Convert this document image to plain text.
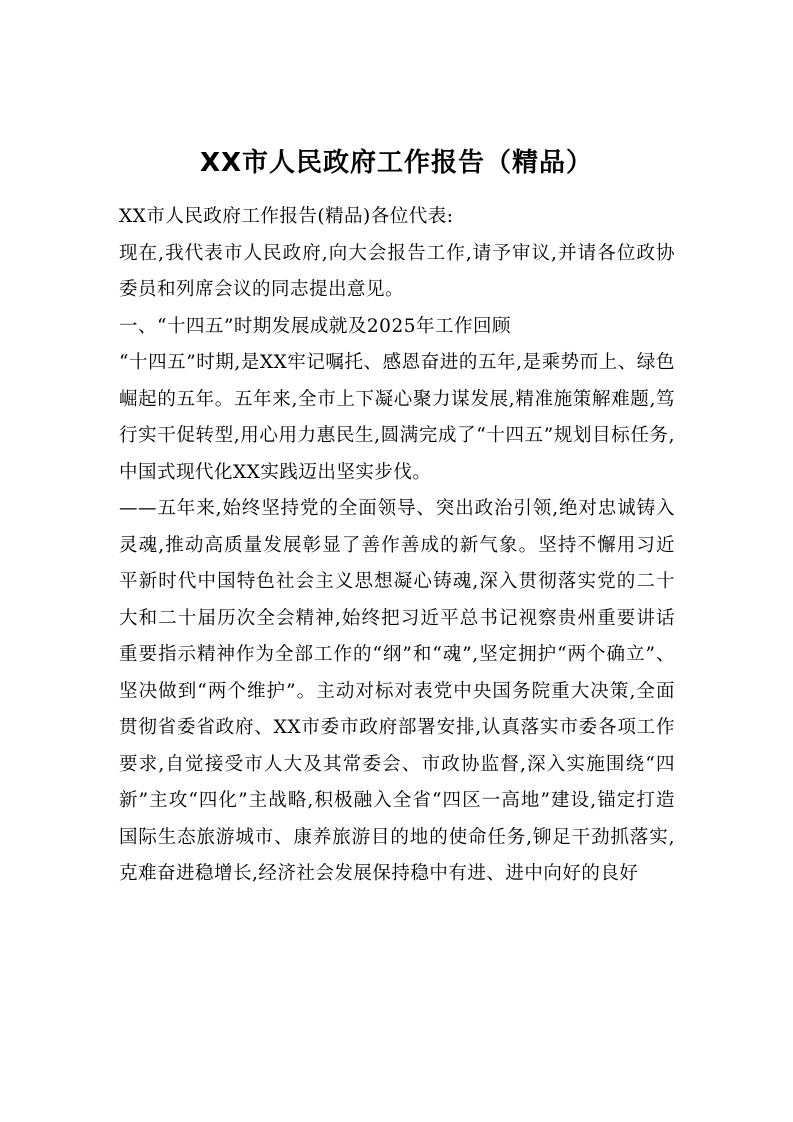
XX市人民政府工作报告（精品）

XX市人民政府工作报告(精品)各位代表:

现在,我代表市人民政府,向大会报告工作,请予审议,并请各位政协委员和列席会议的同志提出意见。

一、“十四五”时期发展成就及2025年工作回顾

“十四五”时期,是XX牢记嘱托、感恩奋进的五年,是乘势而上、绿色崛起的五年。五年来,全市上下凝心聚力谋发展,精准施策解难题,笃行实干促转型,用心用力惠民生,圆满完成了“十四五”规划目标任务,中国式现代化XX实践迈出坚实步伐。

——五年来,始终坚持党的全面领导、突出政治引领,绝对忠诚铸入灵魂,推动高质量发展彰显了善作善成的新气象。坚持不懈用习近平新时代中国特色社会主义思想凝心铸魂,深入贯彻落实党的二十大和二十届历次全会精神,始终把习近平总书记视察贵州重要讲话重要指示精神作为全部工作的“纲”和“魂”,坚定拥护“两个确立”、坚决做到“两个维护”。主动对标对表党中央国务院重大决策,全面贯彻省委省政府、XX市委市政府部署安排,认真落实市委各项工作要求,自觉接受市人大及其常委会、市政协监督,深入实施围绕“四新”主攻“四化”主战略,积极融入全省“四区一高地”建设,锚定打造国际生态旅游城市、康养旅游目的地的使命任务,铆足干劲抓落实,克难奋进稳增长,经济社会发展保持稳中有进、进中向好的良好
